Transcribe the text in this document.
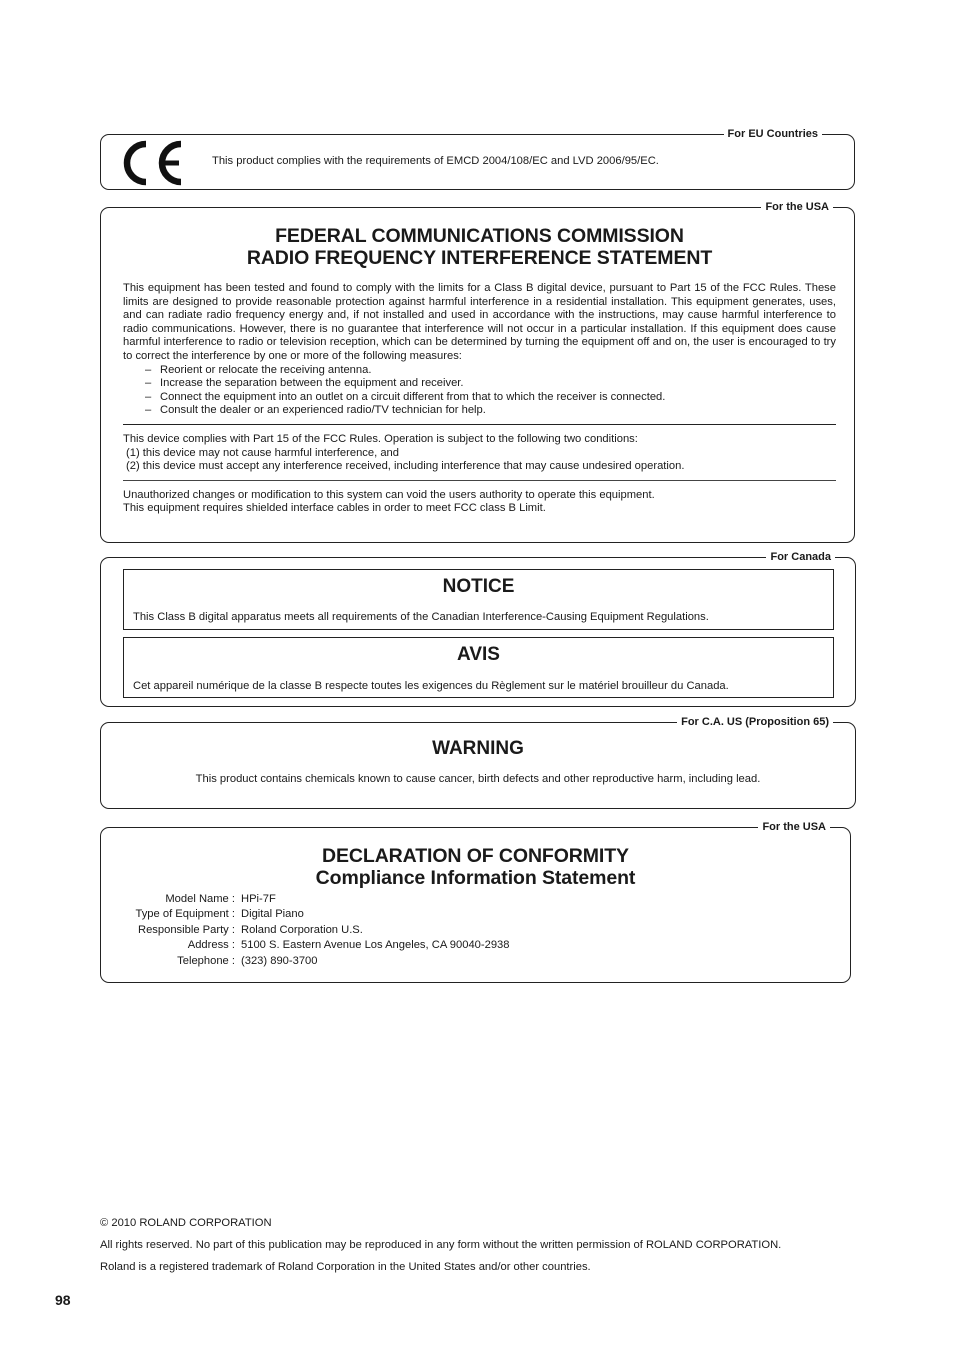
For EU Countries
This product complies with the requirements of EMCD 2004/108/EC and LVD 2006/95/EC.
For the USA
FEDERAL COMMUNICATIONS COMMISSION
RADIO FREQUENCY INTERFERENCE STATEMENT
This equipment has been tested and found to comply with the limits for a Class B digital device, pursuant to Part 15 of the FCC Rules. These limits are designed to provide reasonable protection against harmful interference in a residential installation. This equipment generates, uses, and can radiate radio frequency energy and, if not installed and used in accordance with the instructions, may cause harmful interference to radio communications. However, there is no guarantee that interference will not occur in a particular installation. If this equipment does cause harmful interference to radio or television reception, which can be determined by turning the equipment off and on, the user is encouraged to try to correct the interference by one or more of the following measures:
– Reorient or relocate the receiving antenna.
– Increase the separation between the equipment and receiver.
– Connect the equipment into an outlet on a circuit different from that to which the receiver is connected.
– Consult the dealer or an experienced radio/TV technician for help.
This device complies with Part 15 of the FCC Rules. Operation is subject to the following two conditions:
(1) this device may not cause harmful interference, and
(2) this device must accept any interference received, including interference that may cause undesired operation.
Unauthorized changes or modification to this system can void the users authority to operate this equipment.
This equipment requires shielded interface cables in order to meet FCC class B Limit.
For Canada
NOTICE
This Class B digital apparatus meets all requirements of the Canadian Interference-Causing Equipment Regulations.
AVIS
Cet appareil numérique de la classe B respecte toutes les exigences du Règlement sur le matériel brouilleur du Canada.
For C.A. US (Proposition 65)
WARNING
This product contains chemicals known to cause cancer, birth defects and other reproductive harm, including lead.
For the USA
DECLARATION OF CONFORMITY
Compliance Information Statement
Model Name : HPi-7F
Type of Equipment : Digital Piano
Responsible Party : Roland Corporation U.S.
Address : 5100 S. Eastern Avenue Los Angeles, CA 90040-2938
Telephone : (323) 890-3700

© 2010 ROLAND CORPORATION

All rights reserved. No part of this publication may be reproduced in any form without the written permission of ROLAND CORPORATION.

Roland is a registered trademark of Roland Corporation in the United States and/or other countries.

98
